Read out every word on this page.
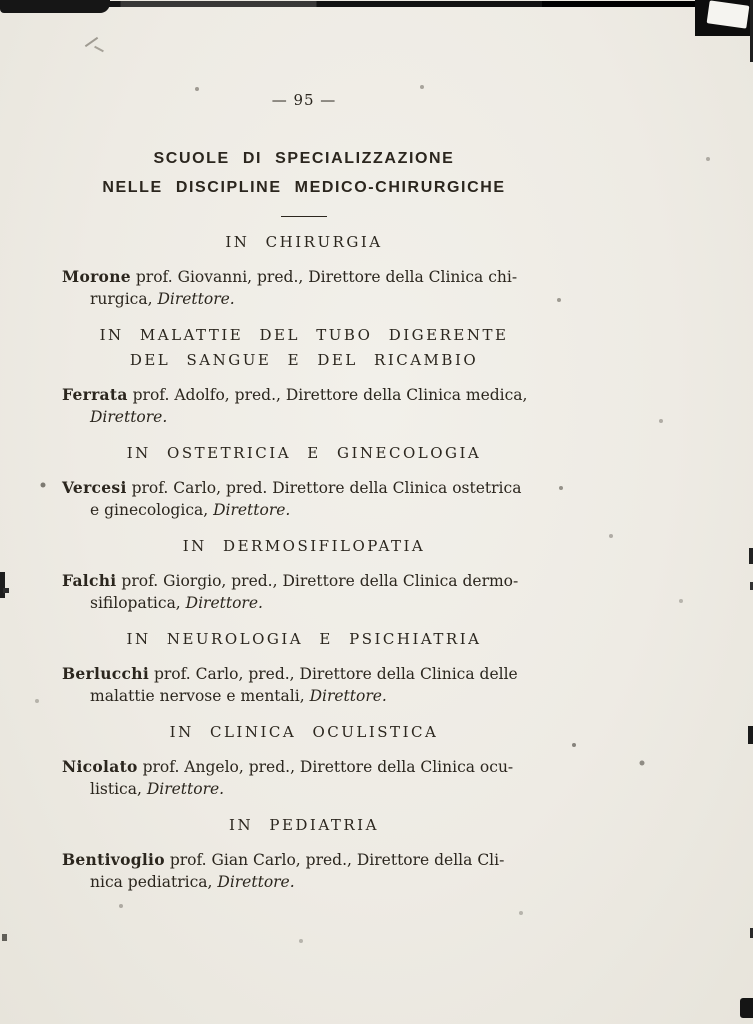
— 95 —
SCUOLE DI SPECIALIZZAZIONE
NELLE DISCIPLINE MEDICO-CHIRURGICHE
IN CHIRURGIA

Morone prof. Giovanni, pred., Direttore della Clinica chi-
rurgica, Direttore.

IN MALATTIE DEL TUBO DIGERENTE
DEL SANGUE E DEL RICAMBIO

Ferrata prof. Adolfo, pred., Direttore della Clinica medica,
Direttore.

IN OSTETRICIA E GINECOLOGIA

Vercesi prof. Carlo, pred. Direttore della Clinica ostetrica
e ginecologica, Direttore.

IN DERMOSIFILOPATIA

Falchi prof. Giorgio, pred., Direttore della Clinica dermo-
sifilopatica, Direttore.

IN NEUROLOGIA E PSICHIATRIA

Berlucchi prof. Carlo, pred., Direttore della Clinica delle
malattie nervose e mentali, Direttore.

IN CLINICA OCULISTICA

Nicolato prof. Angelo, pred., Direttore della Clinica ocu-
listica, Direttore.

IN PEDIATRIA

Bentivoglio prof. Gian Carlo, pred., Direttore della Cli-
nica pediatrica, Direttore.
